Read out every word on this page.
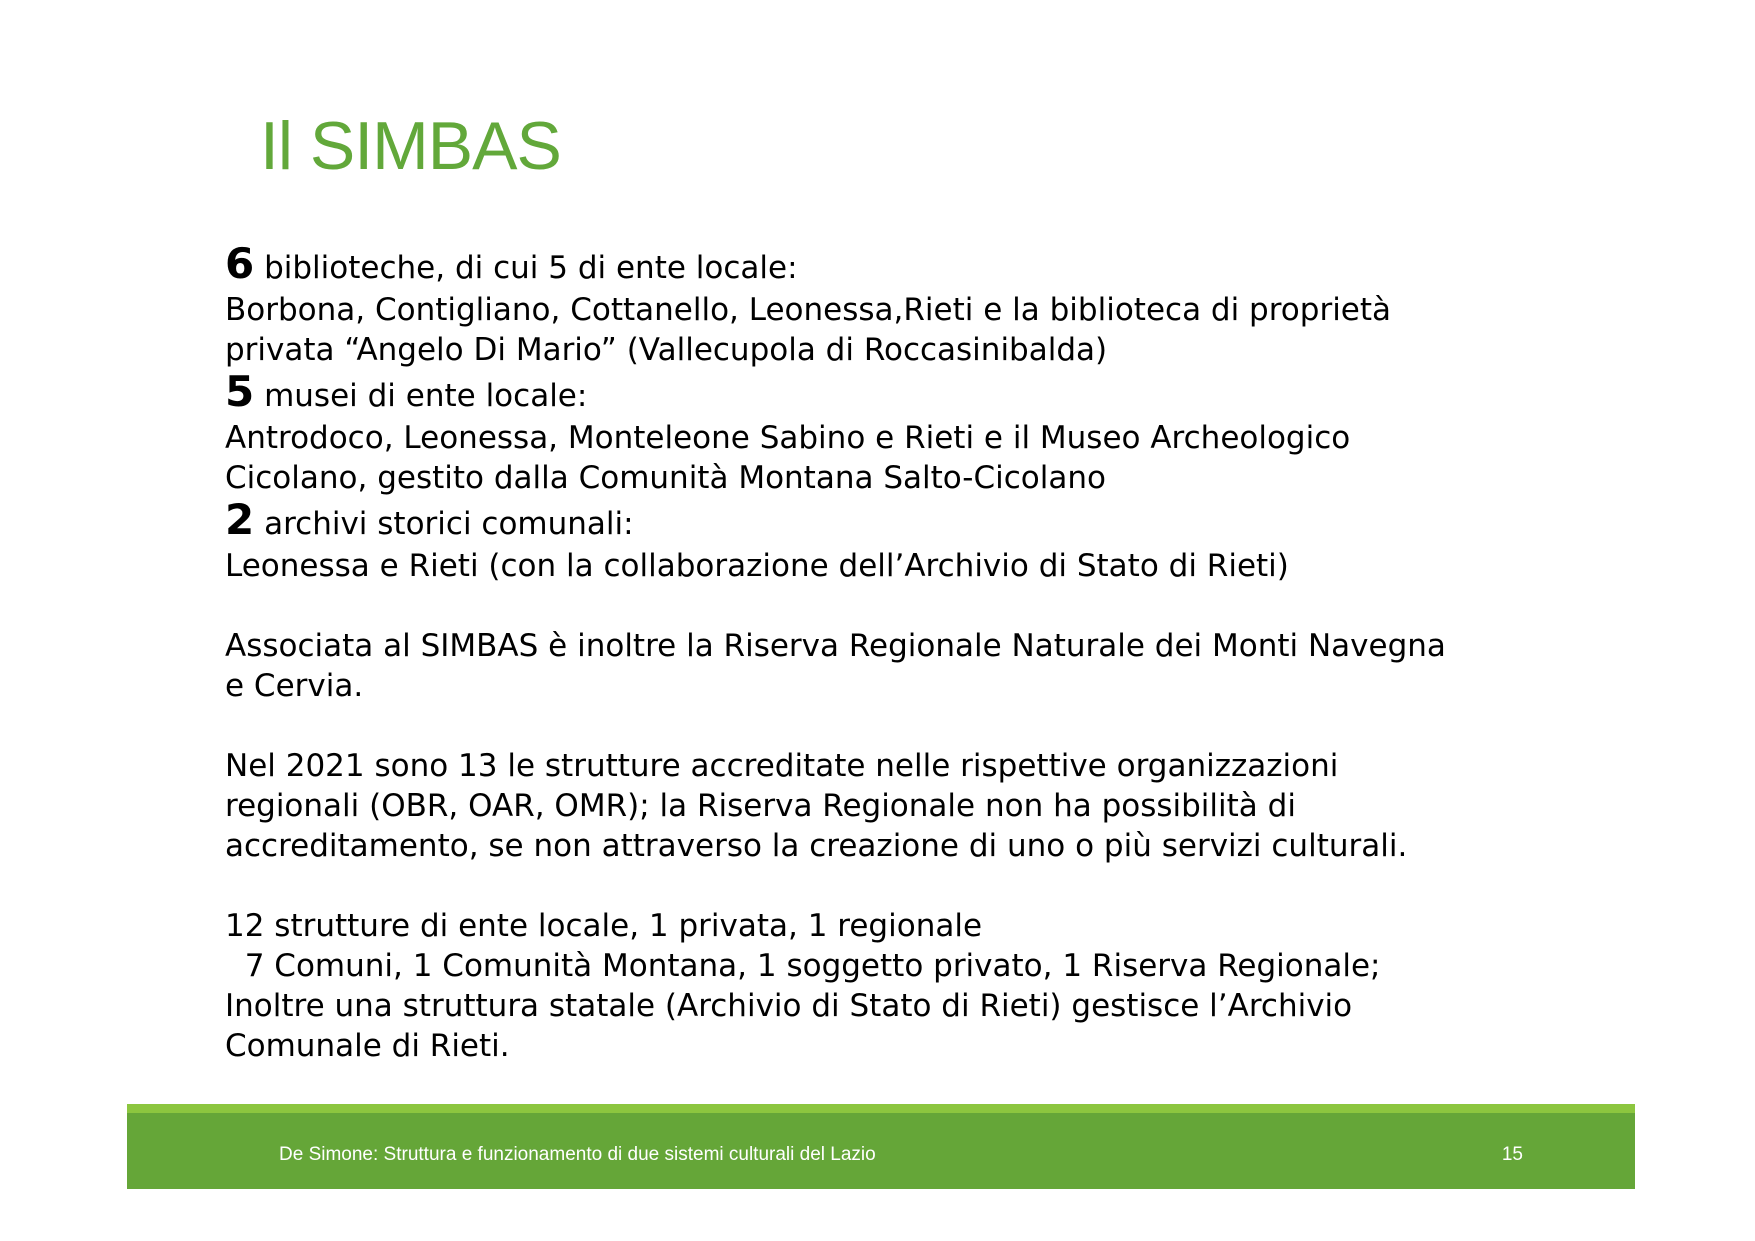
Il SIMBAS

6 biblioteche, di cui 5 di ente locale:

Borbona, Contigliano, Cottanello, Leonessa,Rieti e la biblioteca di proprietà

privata “Angelo Di Mario” (Vallecupola di Roccasinibalda)

5 musei di ente locale:

Antrodoco, Leonessa, Monteleone Sabino e Rieti e il Museo Archeologico

Cicolano, gestito dalla Comunità Montana Salto-Cicolano

2 archivi storici comunali:

Leonessa e Rieti (con la collaborazione dell’Archivio di Stato di Rieti)

Associata al SIMBAS è inoltre la Riserva Regionale Naturale dei Monti Navegna

e Cervia.

Nel 2021 sono 13 le strutture accreditate nelle rispettive organizzazioni

regionali (OBR, OAR, OMR); la Riserva Regionale non ha possibilità di

accreditamento, se non attraverso la creazione di uno o più servizi culturali.

12 strutture di ente locale, 1 privata, 1 regionale

7 Comuni, 1 Comunità Montana, 1 soggetto privato, 1 Riserva Regionale;

Inoltre una struttura statale (Archivio di Stato di Rieti) gestisce l’Archivio

Comunale di Rieti.

De Simone: Struttura e funzionamento di due sistemi culturali del Lazio	15
